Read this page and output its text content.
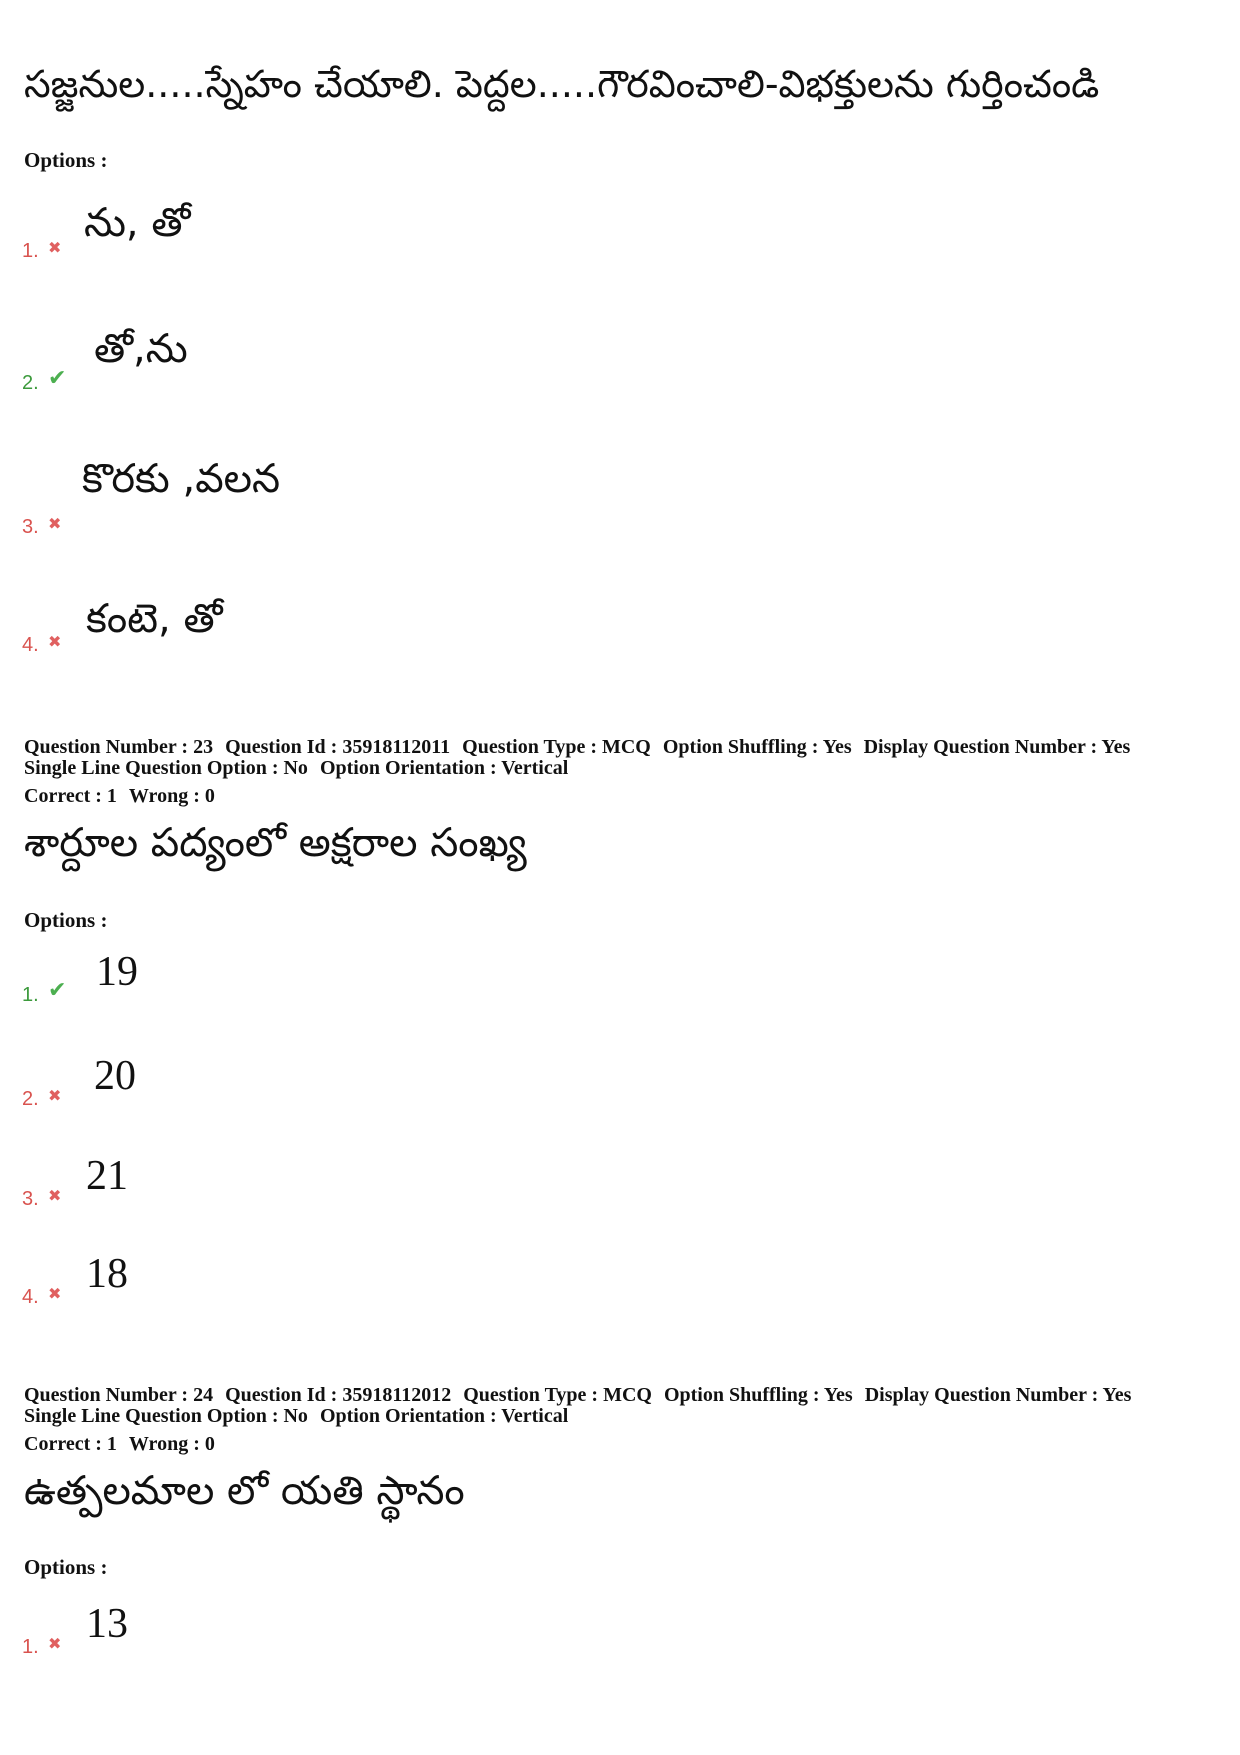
సజ్జనుల.....స్నేహం చేయాలి. పెద్దల.....గౌరవించాలి-విభక్తులను గుర్తించండి
Options :
1. ✖
ను, తో
2. ✔
తో,ను
3. ✖
కొరకు ,వలన
4. ✖ కంటె, తో
Question Number : 23 Question Id : 35918112011 Question Type : MCQ Option Shuffling : Yes Display Question Number : Yes
Single Line Question Option : No Option Orientation : Vertical
Correct : 1 Wrong : 0
శార్దూల పద్యంలో అక్షరాల సంఖ్య
Options :
1. ✔ 19
2. ✖ 20
3. ✖ 21
4. ✖ 18
Question Number : 24 Question Id : 35918112012 Question Type : MCQ Option Shuffling : Yes Display Question Number : Yes
Single Line Question Option : No Option Orientation : Vertical
Correct : 1 Wrong : 0
ఉత్పలమాల లో యతి స్థానం
Options :
1. ✖ 13
